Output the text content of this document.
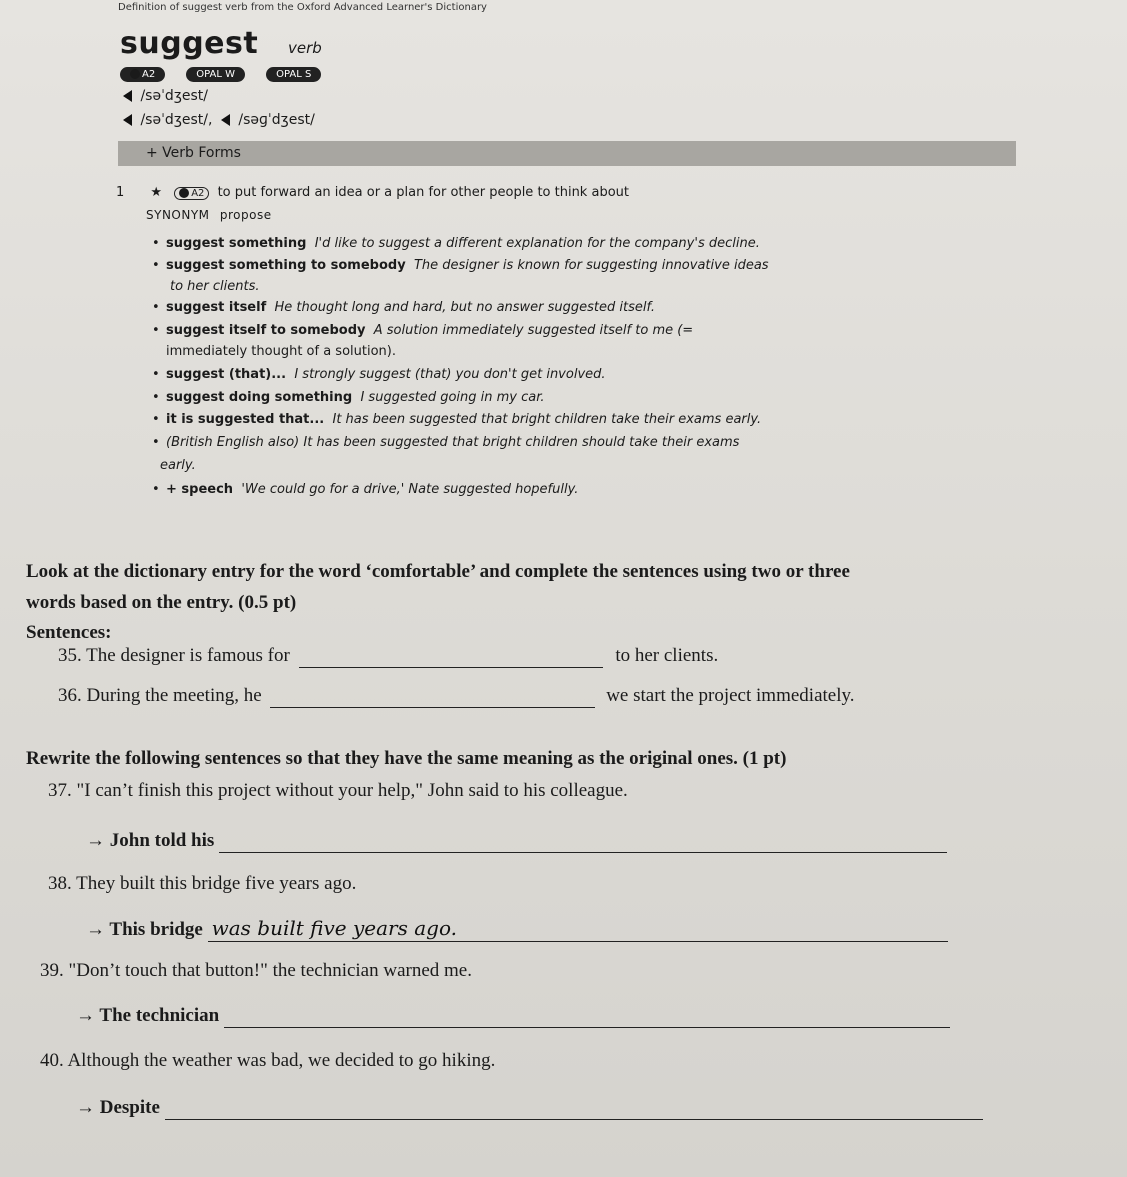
Definition of suggest verb from the Oxford Advanced Learner's Dictionary
suggest verb
A2	OPAL W	OPAL S
/səˈdʒest/
/səˈdʒest/, /səɡˈdʒest/
+ Verb Forms
1 ★	A2 to put forward an idea or a plan for other people to think about
SYNONYM propose
• suggest something I'd like to suggest a different explanation for the company's decline.
• suggest something to somebody The designer is known for suggesting innovative ideas
to her clients.
• suggest itself He thought long and hard, but no answer suggested itself.
• suggest itself to somebody A solution immediately suggested itself to me (=
immediately thought of a solution).
• suggest (that)... I strongly suggest (that) you don't get involved.
• suggest doing something I suggested going in my car.
• it is suggested that... It has been suggested that bright children take their exams early.
• (British English also) It has been suggested that bright children should take their exams
early.
• + speech 'We could go for a drive,' Nate suggested hopefully.
Look at the dictionary entry for the word ‘comfortable’ and complete the sentences using two or three
words based on the entry. (0.5 pt)
Sentences:
35. The designer is famous for	to her clients.
36. During the meeting, he	we start the project immediately.
Rewrite the following sentences so that they have the same meaning as the original ones. (1 pt)
37. "I can’t finish this project without your help," John said to his colleague.
→ John told his
38. They built this bridge five years ago.
→ This bridge was built five years ago.
39. "Don’t touch that button!" the technician warned me.
→ The technician
40. Although the weather was bad, we decided to go hiking.
→ Despite
